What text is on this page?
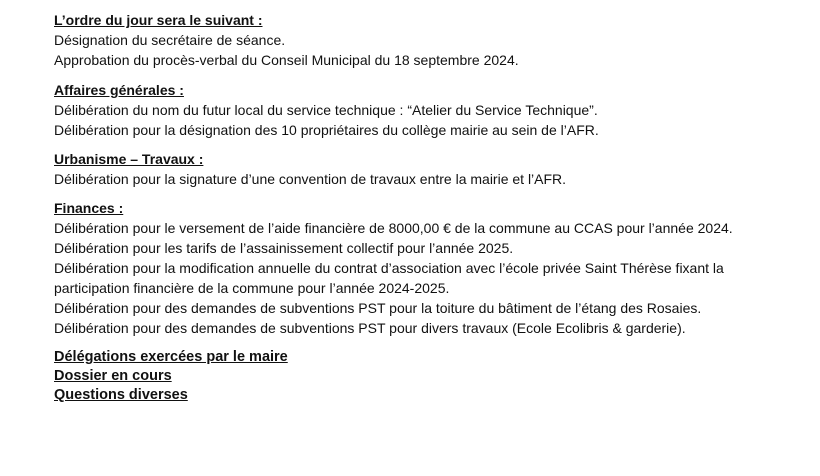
L’ordre du jour sera le suivant :
Désignation du secrétaire de séance.
Approbation du procès-verbal du Conseil Municipal du 18 septembre 2024.
Affaires générales :
Délibération du nom du futur local du service technique : “Atelier du Service Technique”.
Délibération pour la désignation des 10 propriétaires du collège mairie au sein de l’AFR.
Urbanisme – Travaux :
Délibération pour la signature d’une convention de travaux entre la mairie et l’AFR.
Finances :
Délibération pour le versement de l’aide financière de 8000,00 € de la commune au CCAS pour l’année 2024.
Délibération pour les tarifs de l’assainissement collectif pour l’année 2025.
Délibération pour la modification annuelle du contrat d’association avec l’école privée Saint Thérèse fixant la
participation financière de la commune pour l’année 2024-2025.
Délibération pour des demandes de subventions PST pour la toiture du bâtiment de l’étang des Rosaies.
Délibération pour des demandes de subventions PST pour divers travaux (Ecole Ecolibris & garderie).
Délégations exercées par le maire
Dossier en cours
Questions diverses
